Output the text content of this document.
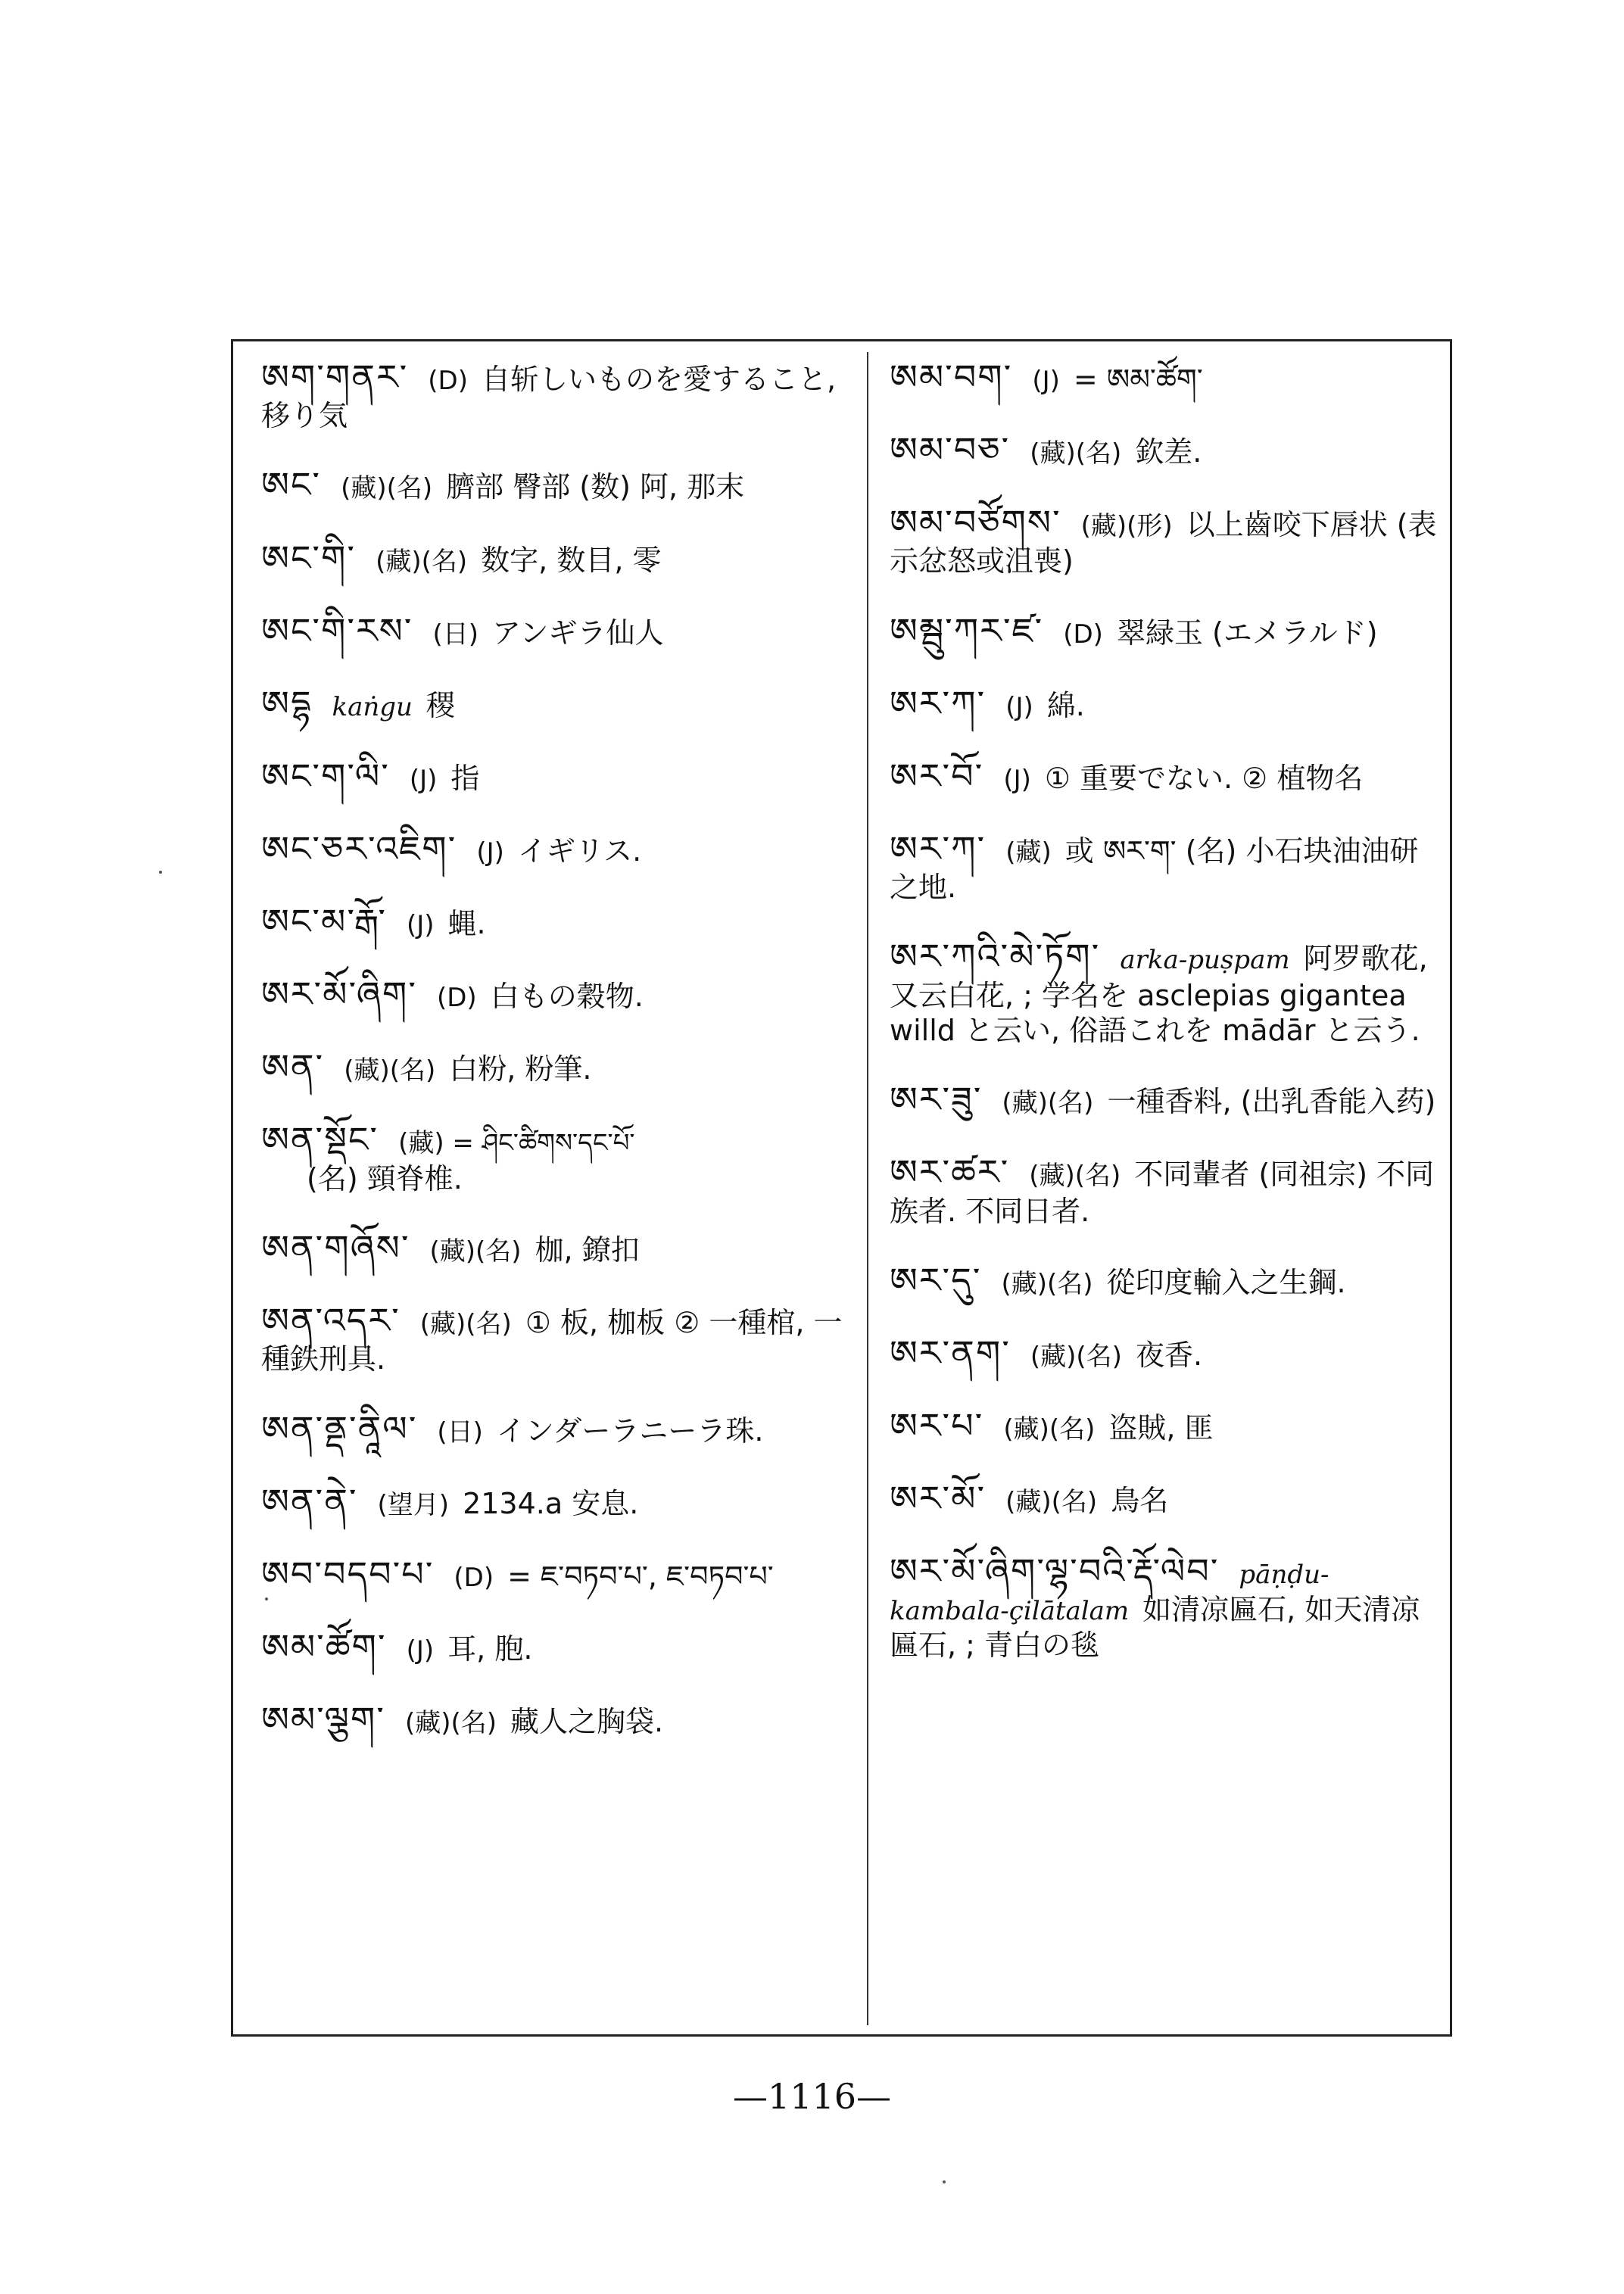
ཨག་གནར་ (D) 自斩しいものを愛すること, 移り気
ཨང་ (藏)(名) 臍部 臀部 (数) 阿, 那末
ཨང་གི་ (藏)(名) 数字, 数目, 零
ཨང་གི་རས་ (日) アンギラ仙人
ཨདྷ kaṅgu 稷
ཨང་ག་ལི་ (J) 指
ཨང་ཅར་འཇིག་ (J) イギリス.
ཨང་མ་རྒོ་ (J) 蝿.
ཨར་མོ་ཞིག་ (D) 白もの穀物.
ཨན་ (藏)(名) 白粉, 粉筆.
ཨན་སྡོང་ (藏) = ཤིང་ཚིགས་དང་པོ་
(名) 頸脊椎.
ཨན་གཞོས་ (藏)(名) 枷, 鐐扣
ཨན་འདར་ (藏)(名) ① 板, 枷板 ② 一種棺, 一種鉄刑具.
ཨན་ནྡ་ནཱིལ་ (日) インダーラニーラ珠.
ཨན་ནེ་ (望月) 2134.a 安息.
ཨབ་བདབ་པ་ (D) = ཇ་བཏབ་པ་, ཇ་བཏབ་པ་
ཨམ་ཚོག་ (J) 耳, 胞.
ཨམ་ལྕག་ (藏)(名) 藏人之胸袋.
ཨམ་བག་ (J) = ཨམ་ཚོག་
ཨམ་བཅ་ (藏)(名) 欽差.
ཨམ་བཙོགས་ (藏)(形) 以上齒咬下唇状 (表示忿怒或沮喪)
ཨམྦུ་ཀར་ཛ་ (D) 翠緑玉 (エメラルド)
ཨར་ཀ་ (J) 綿.
ཨཪ་བོ་ (J) ① 重要でない. ② 植物名
ཨར་ཀ་ (藏) 或 ཨར་ག་ (名) 小石块油油研之地.
ཨར་ཀའི་མེ་ཏོག་ arka-puṣpam 阿罗歌花, 又云白花, ; 学名を asclepias gigantea willd と云い, 俗語これを mādār と云う.
ཨར་ཟུ་ (藏)(名) 一種香料, (出乳香能入药)
ཨར་ཚར་ (藏)(名) 不同輩者 (同祖宗) 不同族者. 不同日者.
ཨར་དུ་ (藏)(名) 從印度輸入之生鋼.
ཨར་ནག་ (藏)(名) 夜香.
ཨར་པ་ (藏)(名) 盗賊, 匪
ཨར་མོ་ (藏)(名) 鳥名
ཨར་མོ་ཞིག་ལྷ་བའི་རྡོ་ལེབ་ pāṇḍu-kambala-çilātalam 如清凉匾石, 如天清凉匾石, ; 青白の毯
—1116—
